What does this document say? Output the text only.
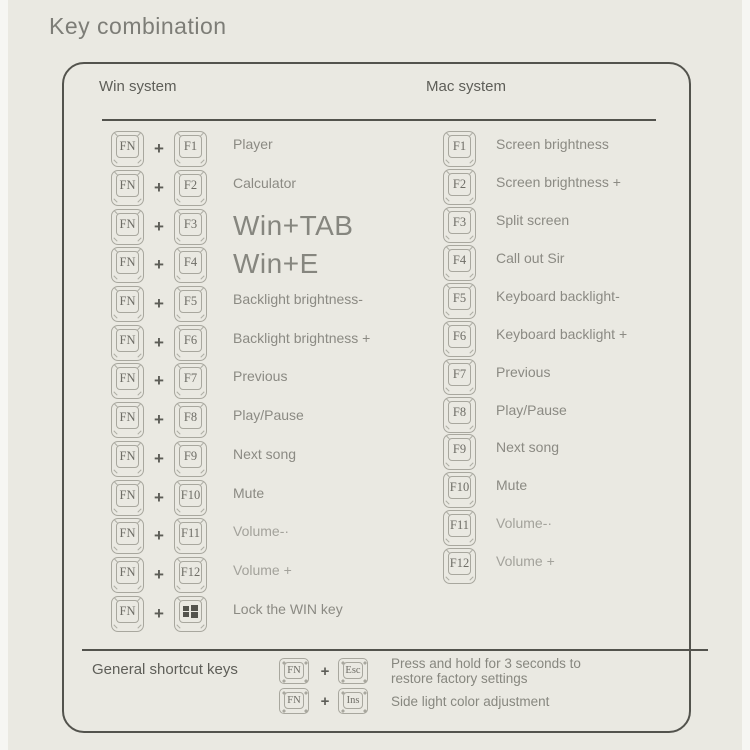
Key combination
Win system	Mac system
FN	+	F1	Player
FN	+	F2	Calculator
FN	+	F3 Win+TAB
FN	+	F4 Win+E
FN	+	F5	Backlight brightness-
FN	+	F6	Backlight brightness +
FN	+	F7	Previous
FN	+	F8	Play/Pause
FN	+	F9	Next song
FN	+	F10 Mute
FN	+	F11 Volume-·
FN	+	F12 Volume +
FN	+	Lock the WIN key
F1	Screen brightness
F2	Screen brightness +
F3	Split screen
F4	Call out Sir
F5	Keyboard backlight-
F6	Keyboard backlight +
F7	Previous
F8	Play/Pause
F9	Next song
F10 Mute
F11 Volume-·
F12 Volume +
General shortcut keys	FN	+	Esc Press and hold for 3 seconds to
restore factory settings
FN	+	Ins Side light color adjustment
